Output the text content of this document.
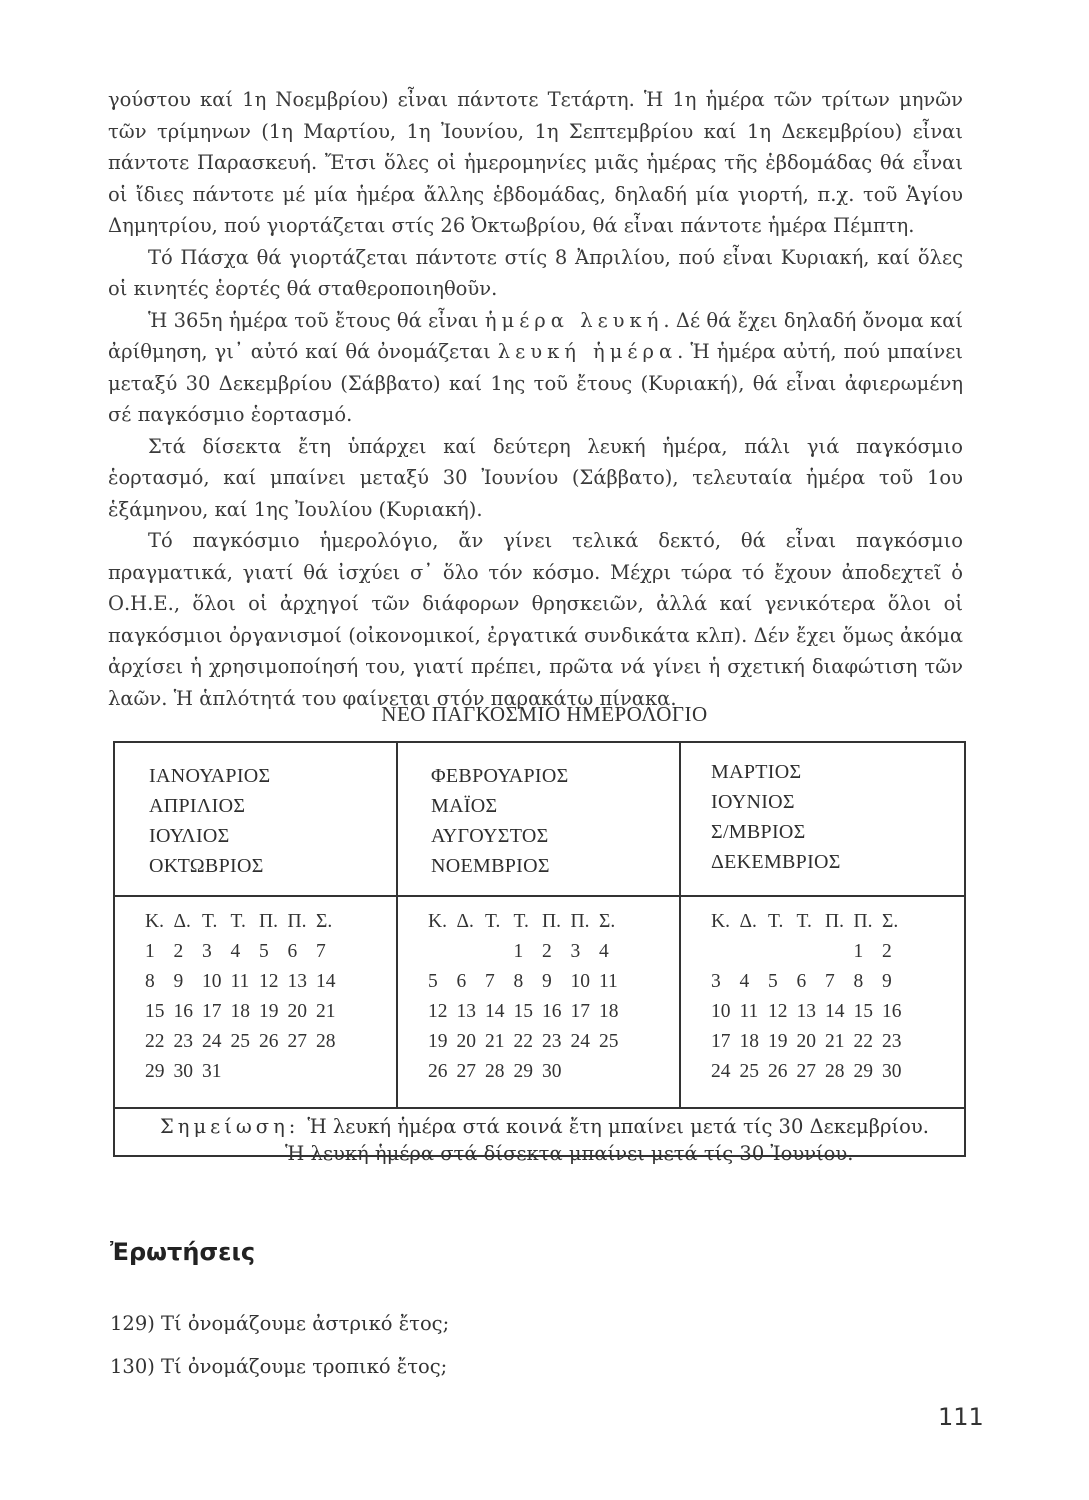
γούστου καί 1η Νοεμβρίου) εἶναι πάντοτε Τετάρτη. Ἡ 1η ἡμέρα τῶν τρίτων μηνῶν τῶν τρίμηνων (1η Μαρτίου, 1η Ἰουνίου, 1η Σεπτεμβρίου καί 1η Δεκεμβρίου) εἶναι πάντοτε Παρασκευή. Ἔτσι ὅλες οἱ ἡμερομηνίες μιᾶς ἡμέρας τῆς ἑβδομάδας θά εἶναι οἱ ἴδιες πάντοτε μέ μία ἡμέρα ἄλλης ἑβδομάδας, δηλαδή μία γιορτή, π.χ. τοῦ Ἁγίου Δημητρίου, πού γιορτάζεται στίς 26 Ὀκτωβρίου, θά εἶναι πάντοτε ἡμέρα Πέμπτη.

Τό Πάσχα θά γιορτάζεται πάντοτε στίς 8 Ἀπριλίου, πού εἶναι Κυριακή, καί ὅλες οἱ κινητές ἑορτές θά σταθεροποιηθοῦν.

Ἡ 365η ἡμέρα τοῦ ἔτους θά εἶναι ἡμέρα λευκή. Δέ θά ἔχει δηλαδή ὄνομα καί ἀρίθμηση, γι᾽ αὐτό καί θά ὀνομάζεται λευκή ἡμέρα. Ἡ ἡμέρα αὐτή, πού μπαίνει μεταξύ 30 Δεκεμβρίου (Σάββατο) καί 1ης τοῦ ἔτους (Κυριακή), θά εἶναι ἀφιερωμένη σέ παγκόσμιο ἑορτασμό.

Στά δίσεκτα ἔτη ὑπάρχει καί δεύτερη λευκή ἡμέρα, πάλι γιά παγκόσμιο ἑορτασμό, καί μπαίνει μεταξύ 30 Ἰουνίου (Σάββατο), τελευταία ἡμέρα τοῦ 1ου ἑξάμηνου, καί 1ης Ἰουλίου (Κυριακή).

Τό παγκόσμιο ἡμερολόγιο, ἄν γίνει τελικά δεκτό, θά εἶναι παγκόσμιο πραγματικά, γιατί θά ἰσχύει σ᾽ ὅλο τόν κόσμο. Μέχρι τώρα τό ἔχουν ἀποδεχτεῖ ὁ Ο.Η.Ε., ὅλοι οἱ ἀρχηγοί τῶν διάφορων θρησκειῶν, ἀλλά καί γενικότερα ὅλοι οἱ παγκόσμιοι ὀργανισμοί (οἰκονομικοί, ἐργατικά συνδικάτα κλπ). Δέν ἔχει ὅμως ἀκόμα ἀρχίσει ἡ χρησιμοποίησή του, γιατί πρέπει, πρῶτα νά γίνει ἡ σχετική διαφώτιση τῶν λαῶν. Ἡ ἁπλότητά του φαίνεται στόν παρακάτω πίνακα.

ΝΕΟ ΠΑΓΚΟΣΜΙΟ ΗΜΕΡΟΛΟΓΙΟ
ΙΑΝΟΥΑΡΙΟΣ
ΑΠΡΙΛΙΟΣ
ΙΟΥΛΙΟΣ
ΟΚΤΩΒΡΙΟΣ
ΦΕΒΡΟΥΑΡΙΟΣ
ΜΑΪΟΣ
ΑΥΓΟΥΣΤΟΣ
ΝΟΕΜΒΡΙΟΣ
ΜΑΡΤΙΟΣ
ΙΟΥΝΙΟΣ
Σ/ΜΒΡΙΟΣ
ΔΕΚΕΜΒΡΙΟΣ
Κ. Δ. Τ. Τ. Π. Π. Σ.
1 2 3 4 5 6 7
8 9 10 11 12 13 14
15 16 17 18 19 20 21
22 23 24 25 26 27 28
29 30 31
Κ. Δ. Τ. Τ. Π. Π. Σ.
1 2 3 4
5 6 7 8 9 10 11
12 13 14 15 16 17 18
19 20 21 22 23 24 25
26 27 28 29 30
Κ. Δ. Τ. Τ. Π. Π. Σ.
1 2
3 4 5 6 7 8 9
10 11 12 13 14 15 16
17 18 19 20 21 22 23
24 25 26 27 28 29 30
Σημείωση: Ἡ λευκή ἡμέρα στά κοινά ἔτη μπαίνει μετά τίς 30 Δεκεμβρίου.
Ἡ λευκή ἡμέρα στά δίσεκτα μπαίνει μετά τίς 30 Ἰουνίου.
Ἐρωτήσεις
129) Τί ὀνομάζουμε ἀστρικό ἔτος;
130) Τί ὀνομάζουμε τροπικό ἔτος;
111
